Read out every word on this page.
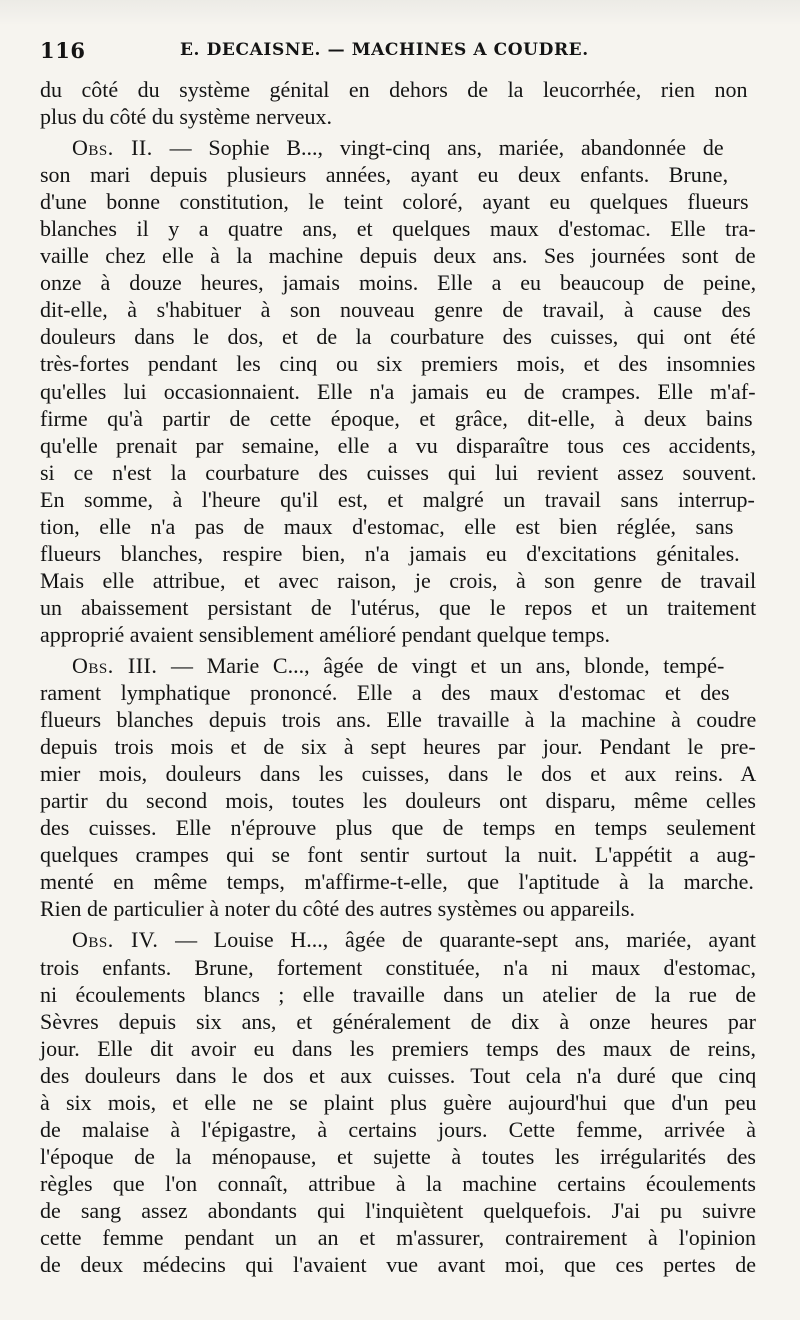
116	E. DECAISNE. — MACHINES A COUDRE.

du côté du système génital en dehors de la leucorrhée, rien non
plus du côté du système nerveux.

Obs. II. — Sophie B..., vingt-cinq ans, mariée, abandonnée de
son mari depuis plusieurs années, ayant eu deux enfants. Brune,
d'une bonne constitution, le teint coloré, ayant eu quelques flueurs
blanches il y a quatre ans, et quelques maux d'estomac. Elle tra-
vaille chez elle à la machine depuis deux ans. Ses journées sont de
onze à douze heures, jamais moins. Elle a eu beaucoup de peine,
dit-elle, à s'habituer à son nouveau genre de travail, à cause des
douleurs dans le dos, et de la courbature des cuisses, qui ont été
très-fortes pendant les cinq ou six premiers mois, et des insomnies
qu'elles lui occasionnaient. Elle n'a jamais eu de crampes. Elle m'af-
firme qu'à partir de cette époque, et grâce, dit-elle, à deux bains
qu'elle prenait par semaine, elle a vu disparaître tous ces accidents,
si ce n'est la courbature des cuisses qui lui revient assez souvent.
En somme, à l'heure qu'il est, et malgré un travail sans interrup-
tion, elle n'a pas de maux d'estomac, elle est bien réglée, sans
flueurs blanches, respire bien, n'a jamais eu d'excitations génitales.
Mais elle attribue, et avec raison, je crois, à son genre de travail
un abaissement persistant de l'utérus, que le repos et un traitement
approprié avaient sensiblement amélioré pendant quelque temps.

Obs. III. — Marie C..., âgée de vingt et un ans, blonde, tempé-
rament lymphatique prononcé. Elle a des maux d'estomac et des
flueurs blanches depuis trois ans. Elle travaille à la machine à coudre
depuis trois mois et de six à sept heures par jour. Pendant le pre-
mier mois, douleurs dans les cuisses, dans le dos et aux reins. A
partir du second mois, toutes les douleurs ont disparu, même celles
des cuisses. Elle n'éprouve plus que de temps en temps seulement
quelques crampes qui se font sentir surtout la nuit. L'appétit a aug-
menté en même temps, m'affirme-t-elle, que l'aptitude à la marche.
Rien de particulier à noter du côté des autres systèmes ou appareils.

Obs. IV. — Louise H..., âgée de quarante-sept ans, mariée, ayant
trois enfants. Brune, fortement constituée, n'a ni maux d'estomac,
ni écoulements blancs ; elle travaille dans un atelier de la rue de
Sèvres depuis six ans, et généralement de dix à onze heures par
jour. Elle dit avoir eu dans les premiers temps des maux de reins,
des douleurs dans le dos et aux cuisses. Tout cela n'a duré que cinq
à six mois, et elle ne se plaint plus guère aujourd'hui que d'un peu
de malaise à l'épigastre, à certains jours. Cette femme, arrivée à
l'époque de la ménopause, et sujette à toutes les irrégularités des
règles que l'on connaît, attribue à la machine certains écoulements
de sang assez abondants qui l'inquiètent quelquefois. J'ai pu suivre
cette femme pendant un an et m'assurer, contrairement à l'opinion
de deux médecins qui l'avaient vue avant moi, que ces pertes de
